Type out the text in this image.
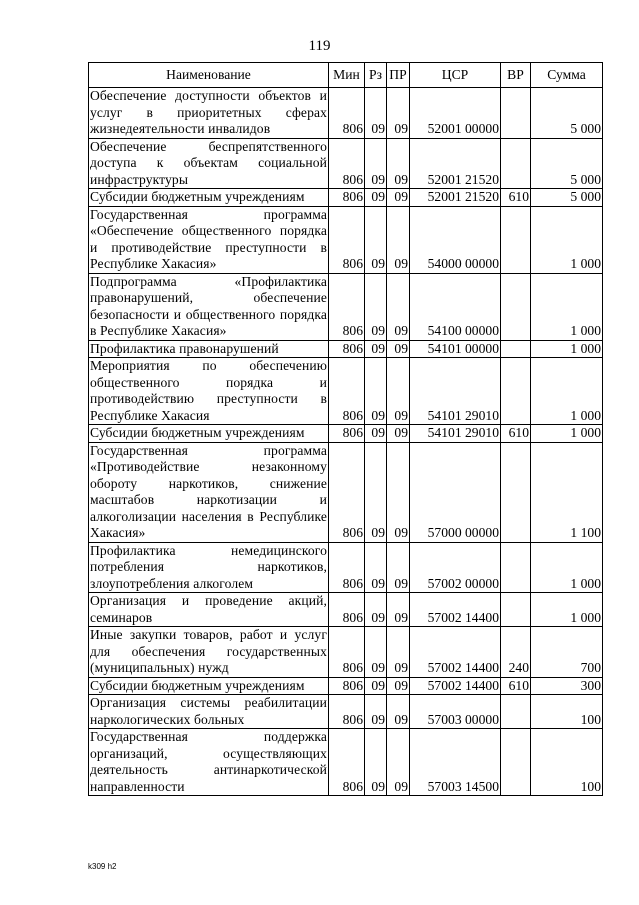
119
Наименование	Мин	Рз	ПР	ЦСР	ВР	Сумма
Обеспечение доступности объектов и услуг в приоритетных сферах жизнедеятельности инвалидов	806	09	09	52001 00000		5 000
Обеспечение беспрепятственного доступа к объектам социальной инфраструктуры	806	09	09	52001 21520		5 000
Субсидии бюджетным учреждениям	806	09	09	52001 21520	610	5 000
Государственная программа «Обеспечение общественного порядка и противодействие преступности в Республике Хакасия»	806	09	09	54000 00000		1 000
Подпрограмма «Профилактика правонарушений, обеспечение безопасности и общественного порядка в Республике Хакасия»	806	09	09	54100 00000		1 000
Профилактика правонарушений	806	09	09	54101 00000		1 000
Мероприятия по обеспечению общественного порядка и противодействию преступности в Республике Хакасия	806	09	09	54101 29010		1 000
Субсидии бюджетным учреждениям	806	09	09	54101 29010	610	1 000
Государственная программа «Противодействие незаконному обороту наркотиков, снижение масштабов наркотизации и алкоголизации населения в Республике Хакасия»	806	09	09	57000 00000		1 100
Профилактика немедицинского потребления наркотиков, злоупотребления алкоголем	806	09	09	57002 00000		1 000
Организация и проведение акций, семинаров	806	09	09	57002 14400		1 000
Иные закупки товаров, работ и услуг для обеспечения государственных (муниципальных) нужд	806	09	09	57002 14400	240	700
Субсидии бюджетным учреждениям	806	09	09	57002 14400	610	300
Организация системы реабилитации наркологических больных	806	09	09	57003 00000		100
Государственная поддержка организаций, осуществляющих деятельность антинаркотической направленности	806	09	09	57003 14500		100
k309 h2
